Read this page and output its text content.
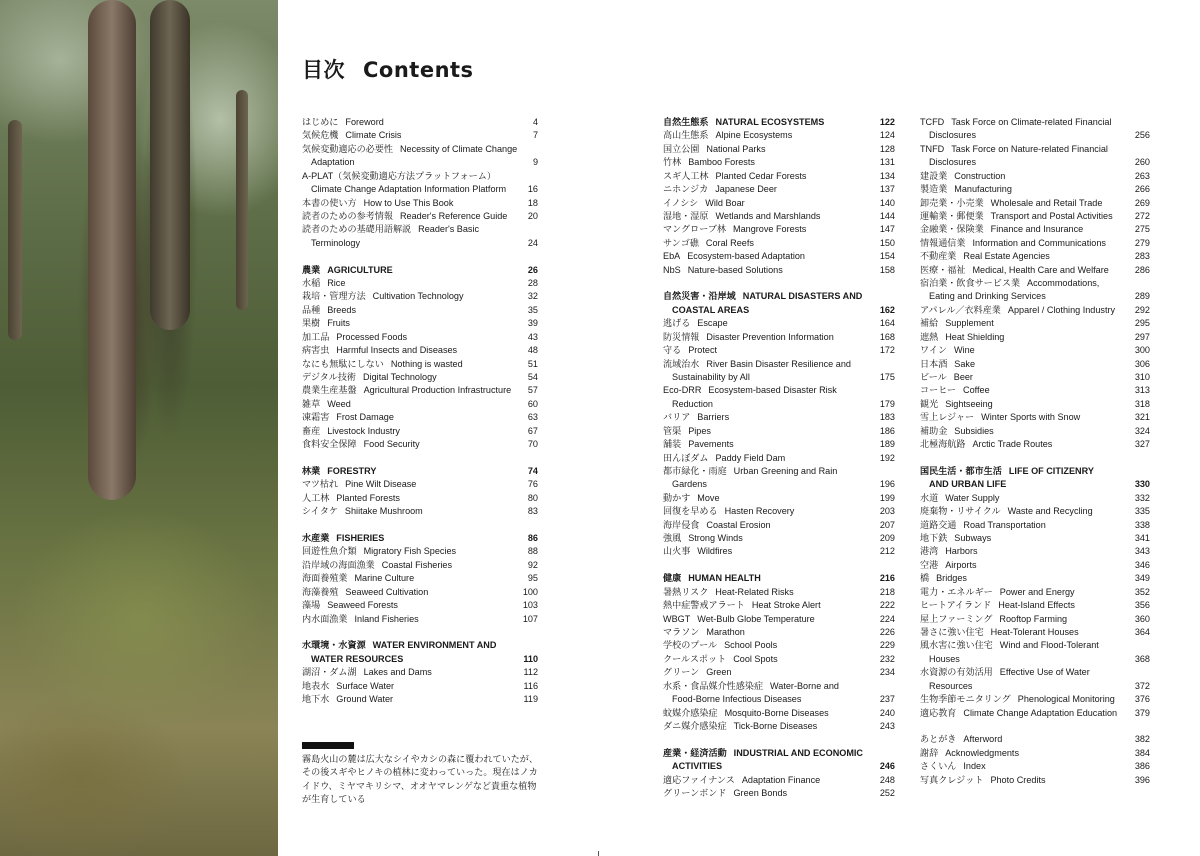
目次 Contents
はじめに Foreword	4
気候危機 Climate Crisis	7
気候変動適応の必要性 Necessity of Climate Change
Adaptation	9
A-PLAT（気候変動適応方法プラットフォーム）
Climate Change Adaptation Information Platform	16
本書の使い方 How to Use This Book	18
読者のための参考情報 Reader's Reference Guide	20
読者のための基礎用語解説 Reader's Basic
Terminology	24
農業 AGRICULTURE	26
水稲 Rice	28
栽培・管理方法 Cultivation Technology	32
品種 Breeds	35
果樹 Fruits	39
加工品 Processed Foods	43
病害虫 Harmful Insects and Diseases	48
なにも無駄にしない Nothing is wasted	51
デジタル技術 Digital Technology	54
農業生産基盤 Agricultural Production Infrastructure	57
雑草 Weed	60
凍霜害 Frost Damage	63
畜産 Livestock Industry	67
食料安全保障 Food Security	70
林業 FORESTRY	74
マツ枯れ Pine Wilt Disease	76
人工林 Planted Forests	80
シイタケ Shiitake Mushroom	83
水産業 FISHERIES	86
回遊性魚介類 Migratory Fish Species	88
沿岸域の海面漁業 Coastal Fisheries	92
海面養殖業 Marine Culture	95
海藻養殖 Seaweed Cultivation	100
藻場 Seaweed Forests	103
内水面漁業 Inland Fisheries	107
水環境・水資源 WATER ENVIRONMENT AND
WATER RESOURCES	110
湖沼・ダム湖 Lakes and Dams	112
地表水 Surface Water	116
地下水 Ground Water	119
自然生態系 NATURAL ECOSYSTEMS	122
高山生態系 Alpine Ecosystems	124
国立公園 National Parks	128
竹林 Bamboo Forests	131
スギ人工林 Planted Cedar Forests	134
ニホンジカ Japanese Deer	137
イノシシ Wild Boar	140
湿地・湿原 Wetlands and Marshlands	144
マングローブ林 Mangrove Forests	147
サンゴ礁 Coral Reefs	150
EbA Ecosystem-based Adaptation	154
NbS Nature-based Solutions	158
自然災害・沿岸域 NATURAL DISASTERS AND
COASTAL AREAS	162
逃げる Escape	164
防災情報 Disaster Prevention Information	168
守る Protect	172
流域治水 River Basin Disaster Resilience and
Sustainability by All	175
Eco-DRR Ecosystem-based Disaster Risk
Reduction	179
バリア Barriers	183
管渠 Pipes	186
舗装 Pavements	189
田んぼダム Paddy Field Dam	192
都市緑化・雨庭 Urban Greening and Rain
Gardens	196
動かす Move	199
回復を早める Hasten Recovery	203
海岸侵食 Coastal Erosion	207
強風 Strong Winds	209
山火事 Wildfires	212
健康 HUMAN HEALTH	216
暑熱リスク Heat-Related Risks	218
熱中症警戒アラート Heat Stroke Alert	222
WBGT Wet-Bulb Globe Temperature	224
マラソン Marathon	226
学校のプール School Pools	229
クールスポット Cool Spots	232
グリーン Green	234
水系・食品媒介性感染症 Water-Borne and
Food-Borne Infectious Diseases	237
蚊媒介感染症 Mosquito-Borne Diseases	240
ダニ媒介感染症 Tick-Borne Diseases	243
産業・経済活動 INDUSTRIAL AND ECONOMIC
ACTIVITIES	246
適応ファイナンス Adaptation Finance	248
グリーンボンド Green Bonds	252
TCFD Task Force on Climate-related Financial
Disclosures	256
TNFD Task Force on Nature-related Financial
Disclosures	260
建設業 Construction	263
製造業 Manufacturing	266
卸売業・小売業 Wholesale and Retail Trade	269
運輸業・郵便業 Transport and Postal Activities	272
金融業・保険業 Finance and Insurance	275
情報通信業 Information and Communications	279
不動産業 Real Estate Agencies	283
医療・福祉 Medical, Health Care and Welfare	286
宿泊業・飲食サービス業 Accommodations,
Eating and Drinking Services	289
アパレル／衣料産業 Apparel / Clothing Industry	292
補給 Supplement	295
遮熱 Heat Shielding	297
ワイン Wine	300
日本酒 Sake	306
ビール Beer	310
コーヒー Coffee	313
観光 Sightseeing	318
雪上レジャー Winter Sports with Snow	321
補助金 Subsidies	324
北極海航路 Arctic Trade Routes	327
国民生活・都市生活 LIFE OF CITIZENRY
AND URBAN LIFE	330
水道 Water Supply	332
廃棄物・リサイクル Waste and Recycling	335
道路交通 Road Transportation	338
地下鉄 Subways	341
港湾 Harbors	343
空港 Airports	346
橋 Bridges	349
電力・エネルギー Power and Energy	352
ヒートアイランド Heat-Island Effects	356
屋上ファーミング Rooftop Farming	360
暑さに強い住宅 Heat-Tolerant Houses	364
風水害に強い住宅 Wind and Flood-Tolerant
Houses	368
水資源の有効活用 Effective Use of Water
Resources	372
生物季節モニタリング Phenological Monitoring	376
適応教育 Climate Change Adaptation Education	379
あとがき Afterword	382
謝辞 Acknowledgments	384
さくいん Index	386
写真クレジット Photo Credits	396
霧島火山の麓は広大なシイやカシの森に覆われていたが、その後スギやヒノキの植林に変わっていった。現在はノカイドウ、ミヤマキリシマ、オオヤマレンゲなど貴重な植物が生育している
